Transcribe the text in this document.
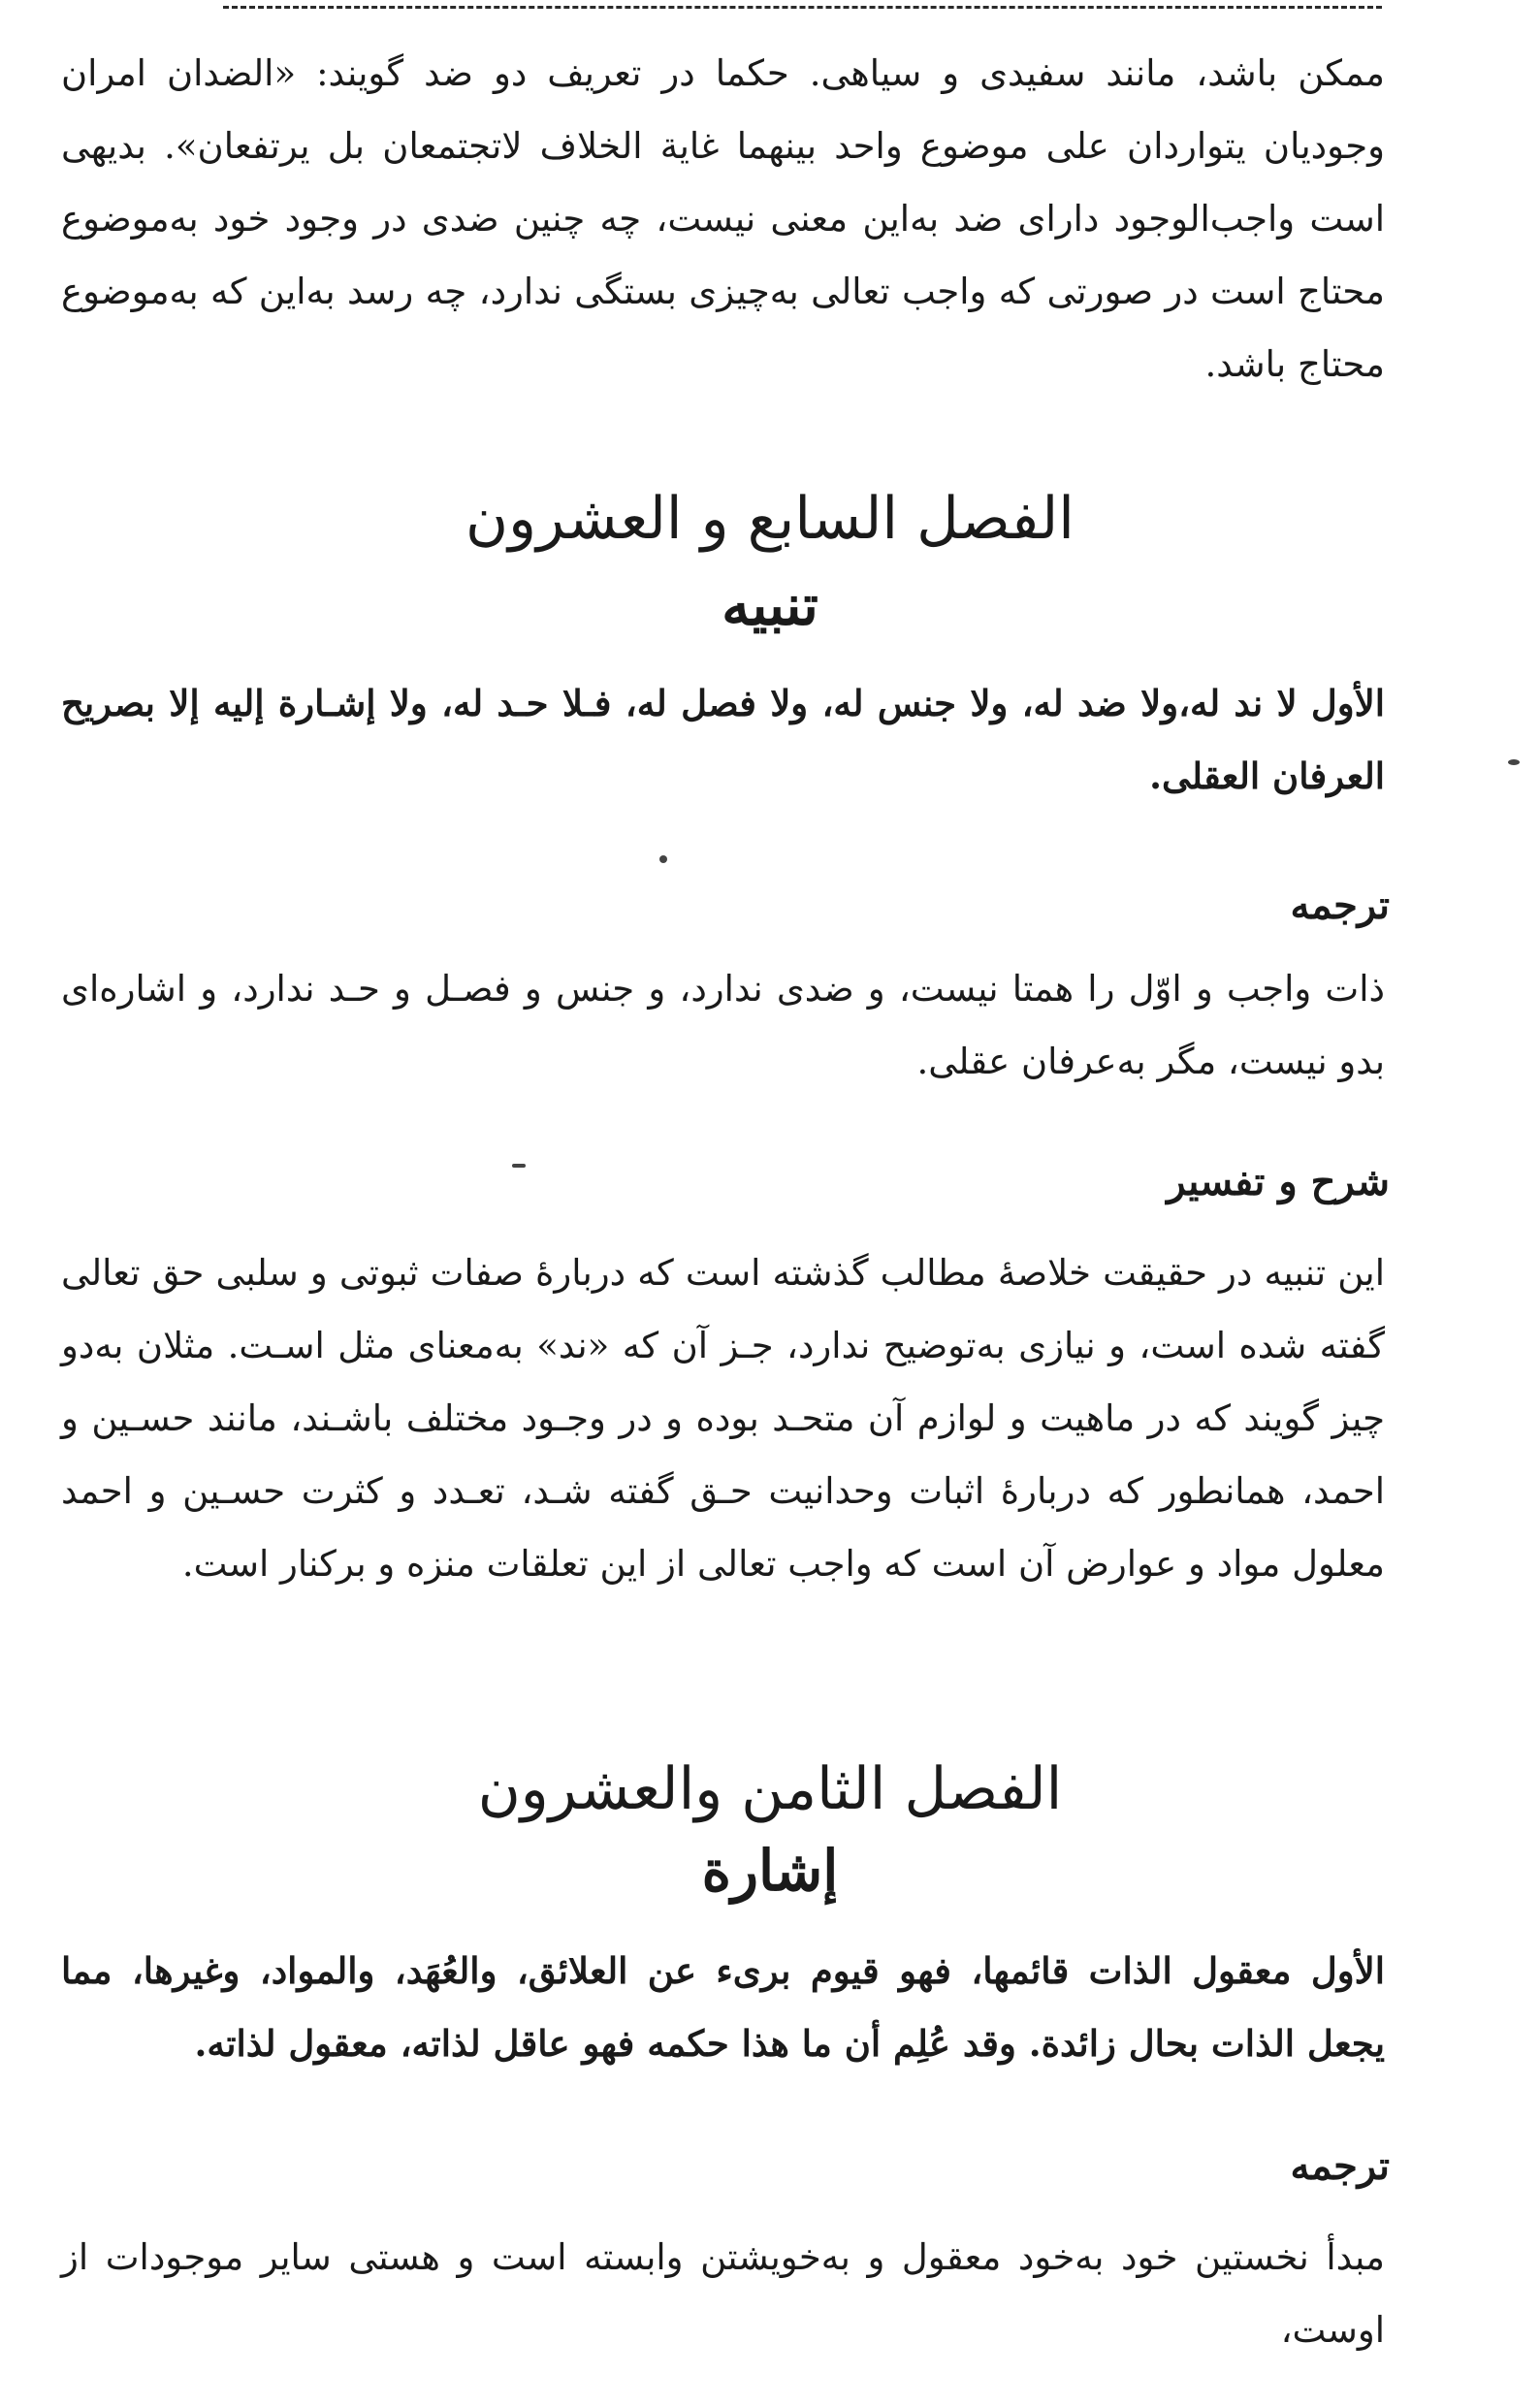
ممکن باشد، مانند سفیدی و سیاهی. حکما در تعریف دو ضد گویند: «الضدان امران وجودیان یتواردان علی موضوع واحد بینهما غایة الخلاف لاتجتمعان بل یرتفعان». بدیهی است واجب‌الوجود دارای ضد به‌این معنی نیست، چه چنین ضدی در وجود خود به‌موضوع محتاج است در صورتی که واجب تعالی به‌چیزی بستگی ندارد، چه رسد به‌این که به‌موضوع محتاج باشد.

الفصل السابع و العشرون
تنبیه

الأول لا ند له،ولا ضد له، ولا جنس له، ولا فصل له، فـلا حـد له، ولا إشـارة إلیه إلا بصریح العرفان العقلی.

ترجمه

ذات واجب و اوّل را همتا نیست، و ضدی ندارد، و جنس و فصـل و حـد ندارد، و اشاره‌ای بدو نیست، مگر به‌عرفان عقلی.

شرح و تفسیر

این تنبیه در حقیقت خلاصهٔ مطالب گذشته است که دربارهٔ صفات ثبوتی و سلبی حق تعالی گفته شده است، و نیازی به‌توضیح ندارد، جـز آن که «ند» به‌معنای مثل اسـت. مثلان به‌دو چیز گویند که در ماهیت و لوازم آن متحـد بوده و در وجـود مختلف باشـند، مانند حسـین و احمد، همانطور که دربارهٔ اثبات وحدانیت حـق گفته شـد، تعـدد و کثرت حسـین و احمد معلول مواد و عوارض آن است که واجب تعالی از این تعلقات منزه و برکنار است.

الفصل الثامن والعشرون
إشارة

الأول معقول الذات قائمها، فهو قیوم بریء عن العلائق، والعُهَد، والمواد، وغیرها، مما یجعل الذات بحال زائدة. وقد عُلِم أن ما هذا حکمه فهو عاقل لذاته، معقول لذاته.

ترجمه

مبدأ نخستین خود به‌خود معقول و به‌خویشتن وابسته است و هستی سایر موجودات از اوست،
